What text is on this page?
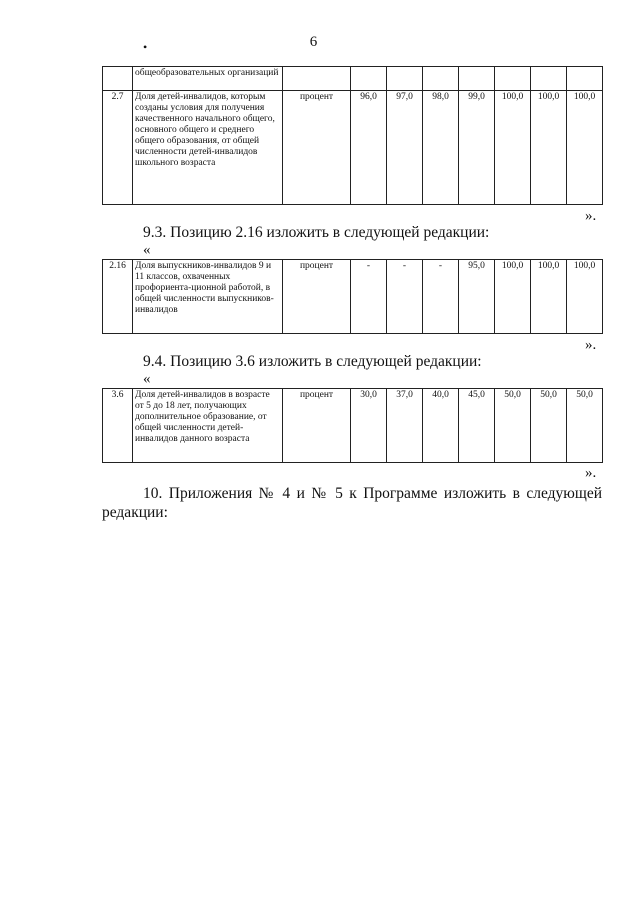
6
•
	общеобразовательных организаций								
2.7	Доля детей-инвалидов, которым созданы условия для получения качественного начального общего, основного общего и среднего общего образования, от общей численности детей-инвалидов школьного возраста	процент	96,0	97,0	98,0	99,0	100,0	100,0	100,0
».
9.3. Позицию 2.16 изложить в следующей редакции:
«
2.16	Доля выпускников-инвалидов 9 и 11 классов, охваченных профориента-ционной работой, в общей численности выпускников-инвалидов	процент	-	-	-	95,0	100,0	100,0	100,0
».
9.4. Позицию 3.6 изложить в следующей редакции:
«
3.6	Доля детей-инвалидов в возрасте от 5 до 18 лет, получающих дополнительное образование, от общей численности детей-инвалидов данного возраста	процент	30,0	37,0	40,0	45,0	50,0	50,0	50,0
».
10. Приложения № 4 и № 5 к Программе изложить в следующей редакции:
